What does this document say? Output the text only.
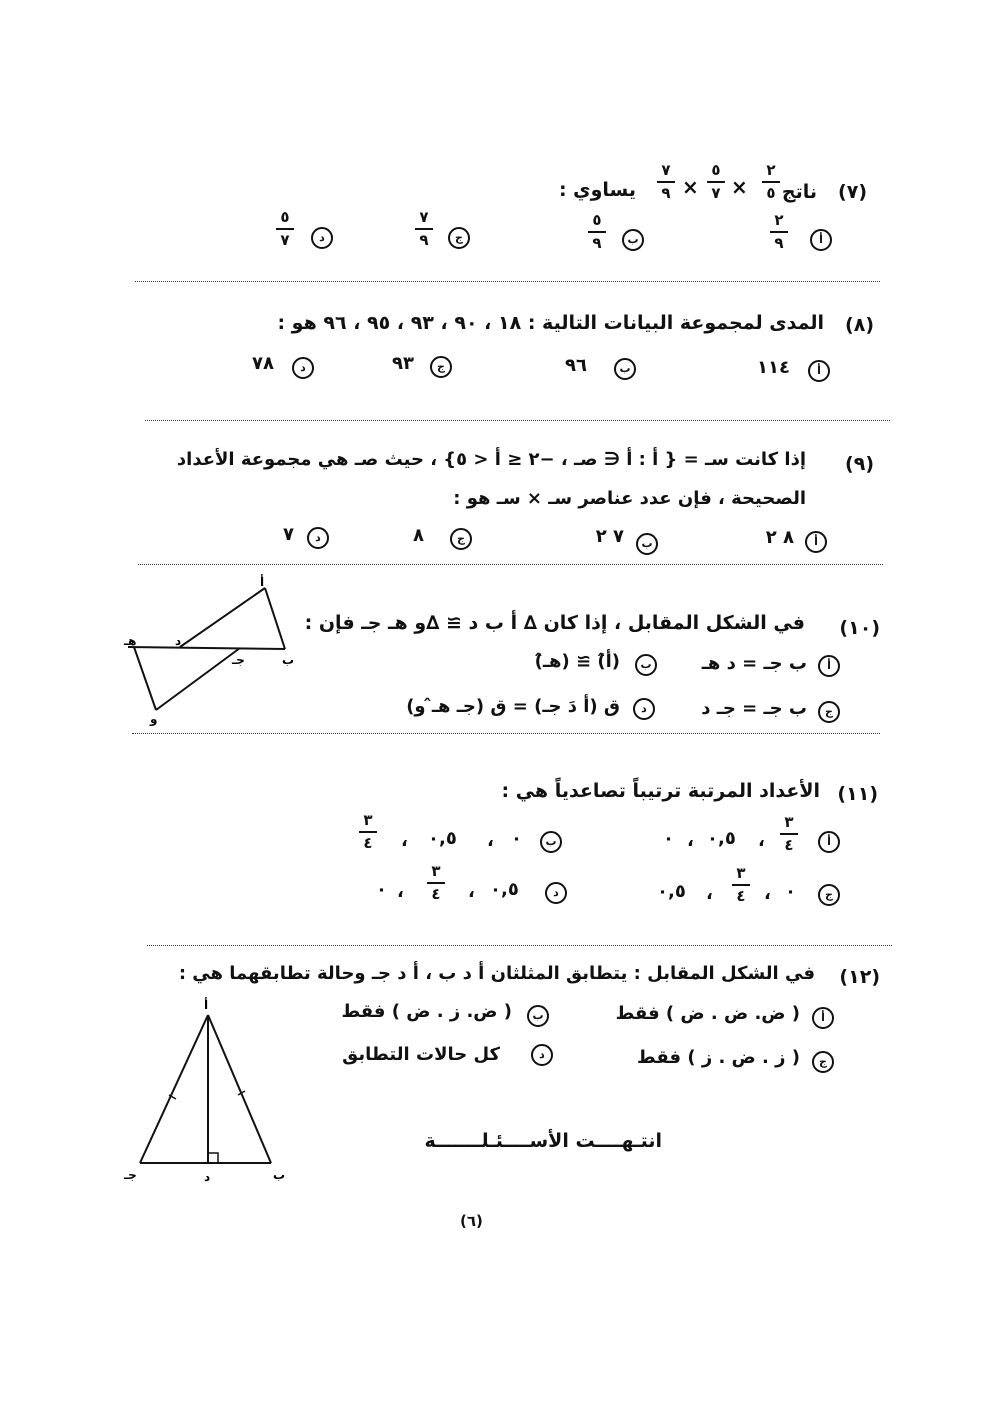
(٧)
ناتج
٢
٥
×
٥
٧
×
٧
٩
يساوي :
أ
٢
٩
ب
٥
٩
ج
٧
٩
د
٥
٧
(٨)
المدى لمجموعة البيانات التالية : ١٨ ، ٩٠ ، ٩٣ ، ٩٥ ، ٩٦ هو :
أ
١١٤
ب
٩٦
ج
٩٣
د
٧٨
(٩)
إذا كانت سـ = { أ : أ ∈ صـ ، −٢ ≤ أ < ٥} ، حيث صـ هي مجموعة الأعداد
الصحيحة ، فإن عدد عناصر سـ × سـ هو :
أ
٨ ٢
ب
٧ ٢
ج
٨
د
٧
(١٠)
في الشكل المقابل ، إذا كان ∆ أ ب د ≅ ∆و هـ جـ فإن :
أ
ب جـ = د هـ
ب
(أ̂) ≅ (هـ̂)
ج
ب جـ = جـ د
د
ق (أ دَ جـ) = ق (جـ هـ̂ و)
أ
ب
جـ
د
هـ
و
(١١)
الأعداد المرتبة ترتيباً تصاعدياً هي :
أ
٣
٤
،
٠,٥
،
٠
ب
٠
،
٠,٥
،
٣
٤
ج
٠
،
٣
٤
،
٠,٥
د
٠,٥
،
٣
٤
،
٠
(١٢)
في الشكل المقابل : يتطابق المثلثان أ د ب ، أ د جـ وحالة تطابقهما هي :
أ
( ض. ض . ض ) فقط
ب
( ض. ز . ض ) فقط
ج
( ز . ض . ز ) فقط
د
كل حالات التطابق
أ
ب
جـ	د
انتـهــــت الأســــئـلـــــــة
(٦)
